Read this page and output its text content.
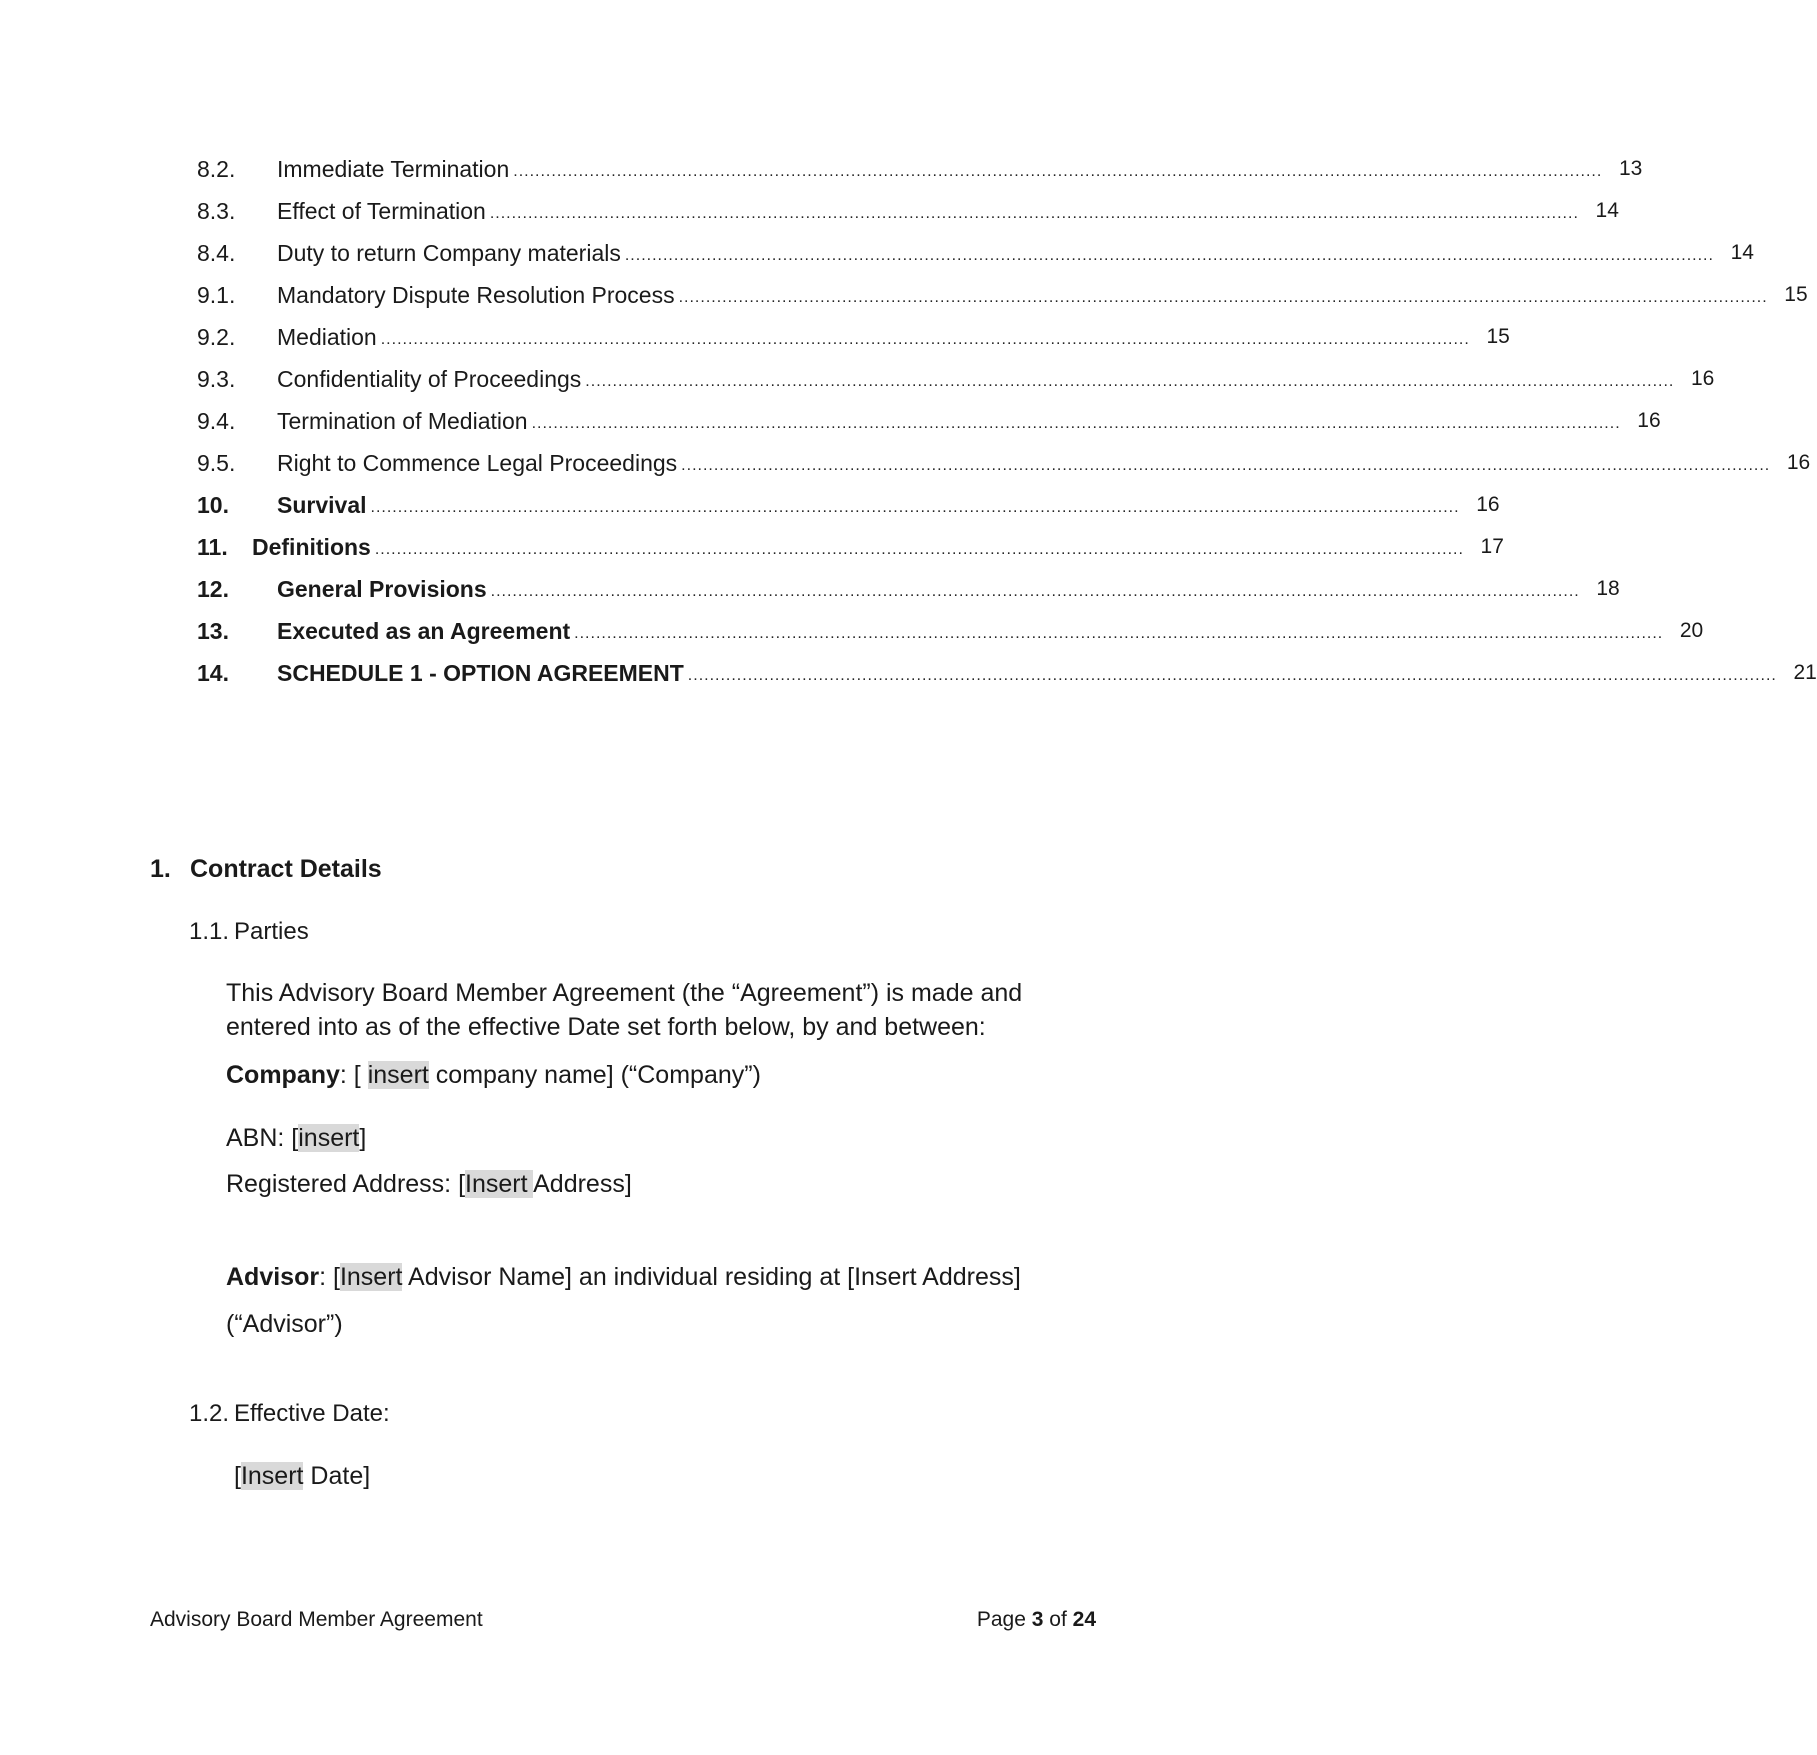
8.2.	Immediate Termination ........................................................................................................................................................................................................ 13
8.3.	Effect of Termination ........................................................................................................................................................................................................ 14
8.4.	Duty to return Company materials ........................................................................................................................................................................................................ 14
9.1.	Mandatory Dispute Resolution Process ........................................................................................................................................................................................................ 15
9.2.	Mediation ........................................................................................................................................................................................................ 15
9.3.	Confidentiality of Proceedings ........................................................................................................................................................................................................ 16
9.4.	Termination of Mediation ........................................................................................................................................................................................................ 16
9.5.	Right to Commence Legal Proceedings ........................................................................................................................................................................................................ 16
10.	Survival ........................................................................................................................................................................................................ 16
11.	Definitions ........................................................................................................................................................................................................ 17
12.	General Provisions ........................................................................................................................................................................................................ 18
13.	Executed as an Agreement ........................................................................................................................................................................................................ 20
14.	SCHEDULE 1 - OPTION AGREEMENT ........................................................................................................................................................................................................ 21
1. Contract Details
1.1. Parties
This Advisory Board Member Agreement (the “Agreement”) is made and entered into as of the effective Date set forth below, by and between:
Company: [ insert company name] (“Company”)
ABN: [insert]
Registered Address: [Insert Address]
Advisor: [Insert Advisor Name] an individual residing at [Insert Address]
(“Advisor”)
1.2. Effective Date:
[Insert Date]
Advisory Board Member Agreement	Page 3 of 24
